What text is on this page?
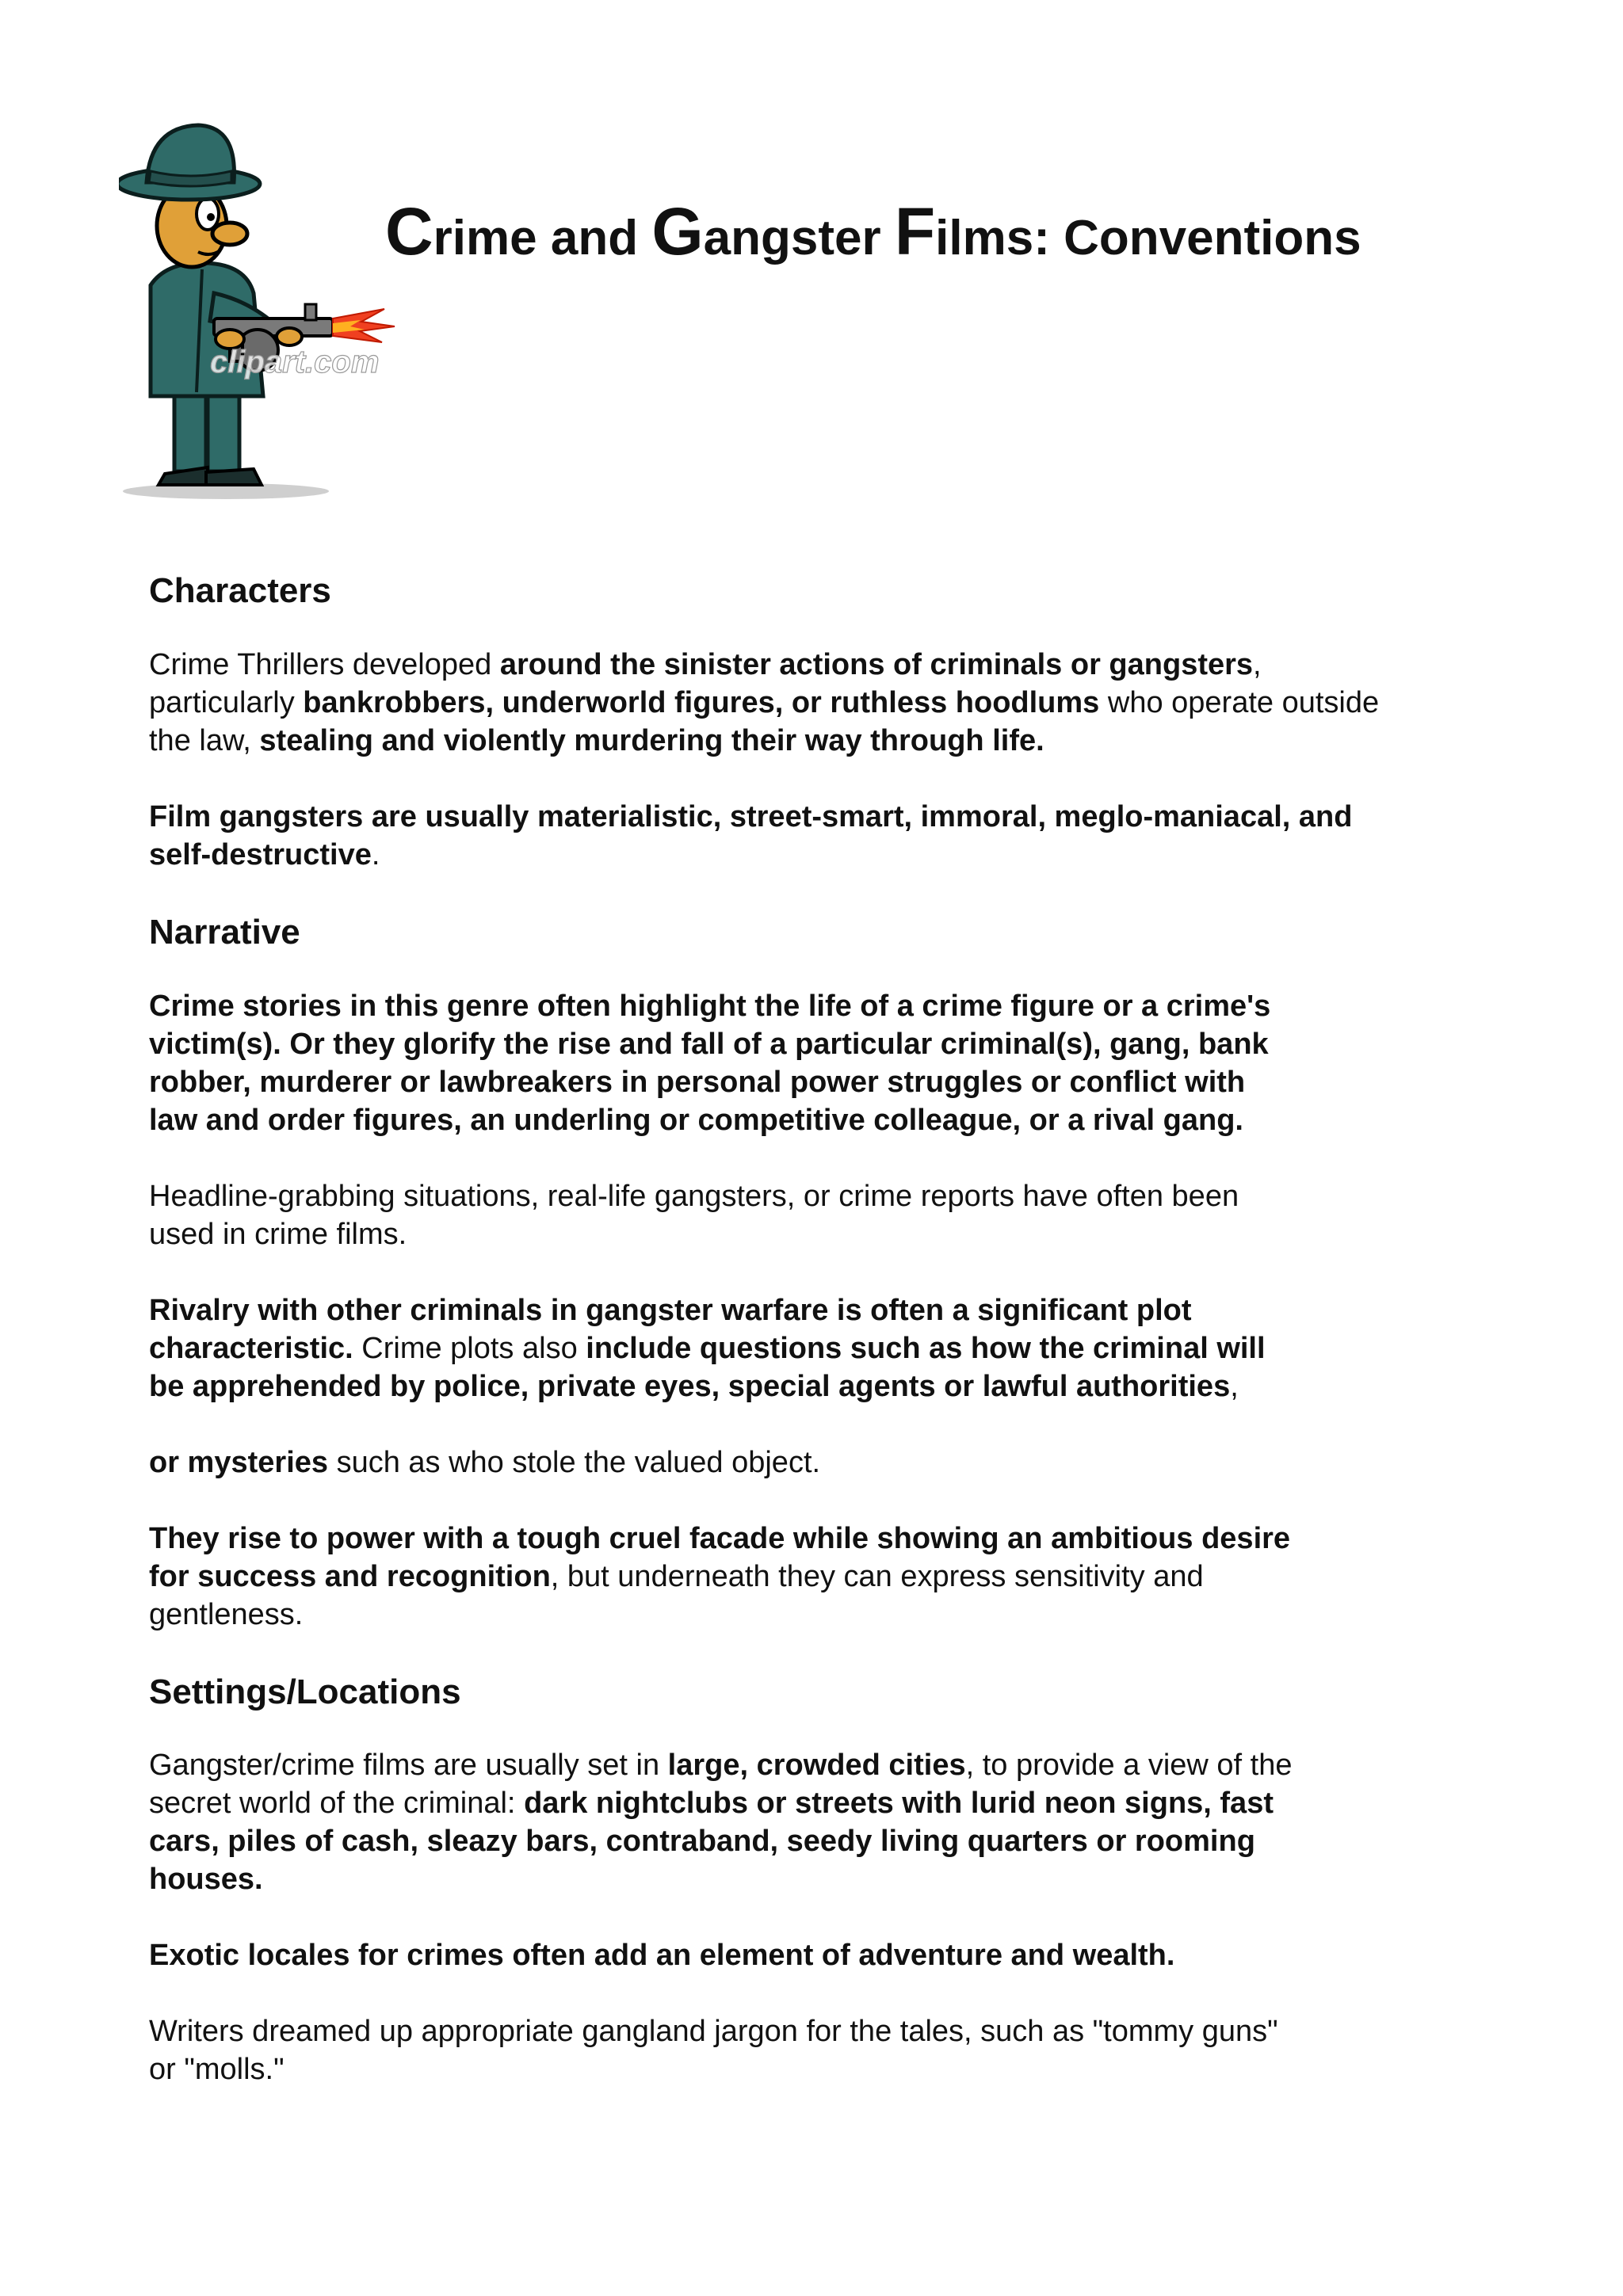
clipart.com
Crime and Gangster Films: Conventions
Characters

Crime Thrillers developed around the sinister actions of criminals or gangsters,
particularly bankrobbers, underworld figures, or ruthless hoodlums who operate outside
the law, stealing and violently murdering their way through life.

Film gangsters are usually materialistic, street-smart, immoral, meglo-maniacal, and
self-destructive.

Narrative

Crime stories in this genre often highlight the life of a crime figure or a crime's
victim(s). Or they glorify the rise and fall of a particular criminal(s), gang, bank
robber, murderer or lawbreakers in personal power struggles or conflict with
law and order figures, an underling or competitive colleague, or a rival gang.

Headline-grabbing situations, real-life gangsters, or crime reports have often been
used in crime films.

Rivalry with other criminals in gangster warfare is often a significant plot
characteristic. Crime plots also include questions such as how the criminal will
be apprehended by police, private eyes, special agents or lawful authorities,

or mysteries such as who stole the valued object.

They rise to power with a tough cruel facade while showing an ambitious desire
for success and recognition, but underneath they can express sensitivity and
gentleness.

Settings/Locations

Gangster/crime films are usually set in large, crowded cities, to provide a view of the
secret world of the criminal: dark nightclubs or streets with lurid neon signs, fast
cars, piles of cash, sleazy bars, contraband, seedy living quarters or rooming
houses.

Exotic locales for crimes often add an element of adventure and wealth.

Writers dreamed up appropriate gangland jargon for the tales, such as "tommy guns"
or "molls."
